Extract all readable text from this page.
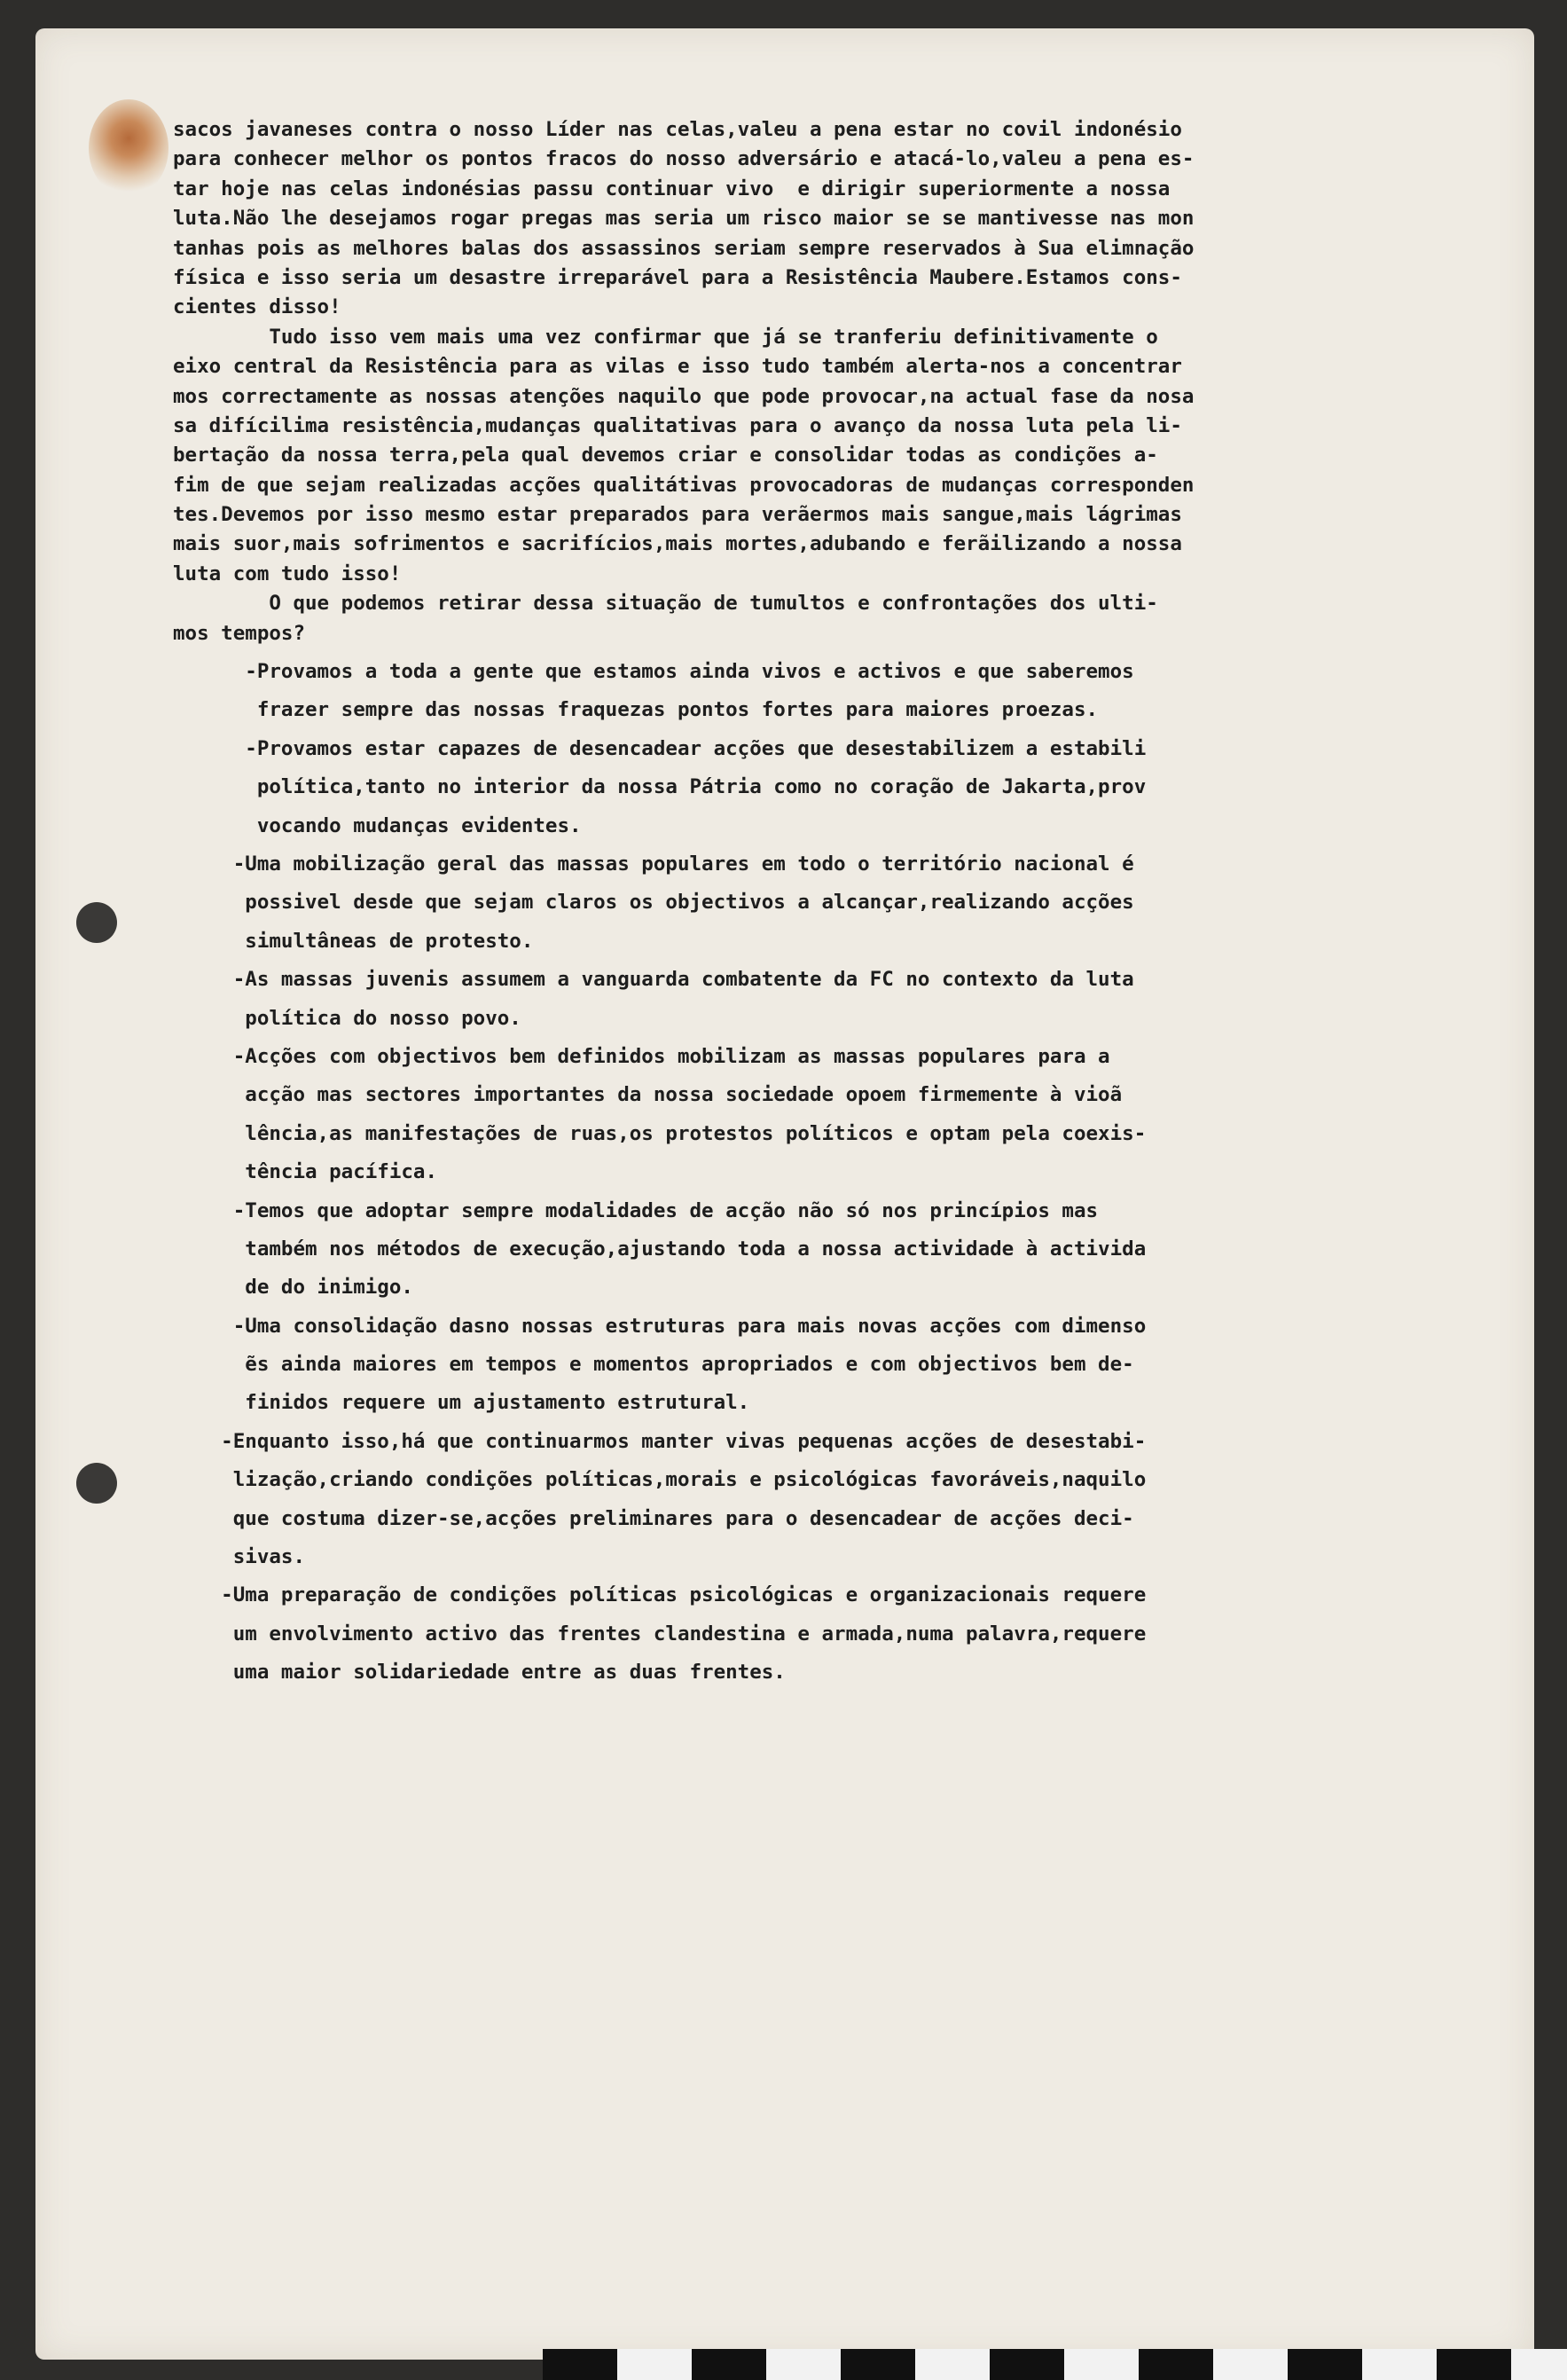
sacos javaneses contra o nosso Líder nas celas,valeu a pena estar no covil indonésio
para conhecer melhor os pontos fracos do nosso adversário e atacá-lo,valeu a pena es-
tar hoje nas celas indonésias passu continuar vivo  e dirigir superiormente a nossa
luta.Não lhe desejamos rogar pregas mas seria um risco maior se se mantivesse nas mon
tanhas pois as melhores balas dos assassinos seriam sempre reservados à Sua elimnação
física e isso seria um desastre irreparável para a Resistência Maubere.Estamos cons-
cientes disso!
Tudo isso vem mais uma vez confirmar que já se tranferiu definitivamente o
eixo central da Resistência para as vilas e isso tudo também alerta-nos a concentrar
mos correctamente as nossas atenções naquilo que pode provocar,na actual fase da nosa
sa difícilima resistência,mudanças qualitativas para o avanço da nossa luta pela li-
bertação da nossa terra,pela qual devemos criar e consolidar todas as condições a-
fim de que sejam realizadas acções qualitátivas provocadoras de mudanças corresponden
tes.Devemos por isso mesmo estar preparados para verãermos mais sangue,mais lágrimas
mais suor,mais sofrimentos e sacrifícios,mais mortes,adubando e ferãilizando a nossa
luta com tudo isso!
O que podemos retirar dessa situação de tumultos e confrontações dos ulti-
mos tempos?
-Provamos a toda a gente que estamos ainda vivos e activos e que saberemos
frazer sempre das nossas fraquezas pontos fortes para maiores proezas.
-Provamos estar capazes de desencadear acções que desestabilizem a estabili
política,tanto no interior da nossa Pátria como no coração de Jakarta,prov
vocando mudanças evidentes.
-Uma mobilização geral das massas populares em todo o território nacional é
possivel desde que sejam claros os objectivos a alcançar,realizando acções
simultâneas de protesto.
-As massas juvenis assumem a vanguarda combatente da FC no contexto da luta
política do nosso povo.
-Acções com objectivos bem definidos mobilizam as massas populares para a
acção mas sectores importantes da nossa sociedade opoem firmemente à vioã
lência,as manifestações de ruas,os protestos políticos e optam pela coexis-
tência pacífica.
-Temos que adoptar sempre modalidades de acção não só nos princípios mas
também nos métodos de execução,ajustando toda a nossa actividade à activida
de do inimigo.
-Uma consolidação dasno nossas estruturas para mais novas acções com dimenso
ẽs ainda maiores em tempos e momentos apropriados e com objectivos bem de-
finidos requere um ajustamento estrutural.
-Enquanto isso,há que continuarmos manter vivas pequenas acções de desestabi-
lização,criando condições políticas,morais e psicológicas favoráveis,naquilo
que costuma dizer-se,acções preliminares para o desencadear de acções deci-
sivas.
-Uma preparação de condições políticas psicológicas e organizacionais requere
um envolvimento activo das frentes clandestina e armada,numa palavra,requere
uma maior solidariedade entre as duas frentes.
